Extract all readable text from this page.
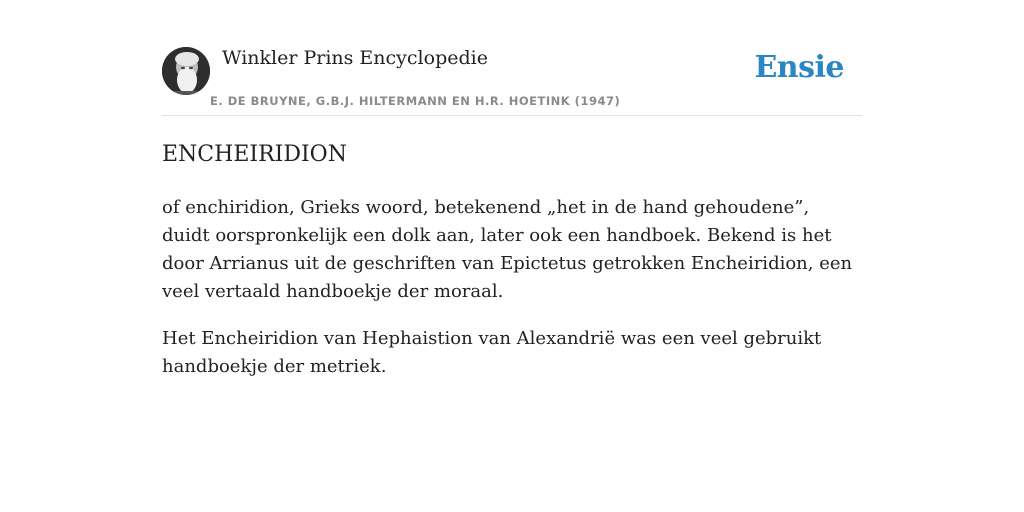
Winkler Prins Encyclopedie
E. DE BRUYNE, G.B.J. HILTERMANN EN H.R. HOETINK (1947)
Ensie
ENCHEIRIDION

of enchiridion, Grieks woord, betekenend „het in de hand gehoudene”, duidt oorspronkelijk een dolk aan, later ook een handboek. Bekend is het door Arrianus uit de geschriften van Epictetus getrokken Encheiridion, een veel vertaald handboekje der moraal.

Het Encheiridion van Hephaistion van Alexandrië was een veel gebruikt handboekje der metriek.
